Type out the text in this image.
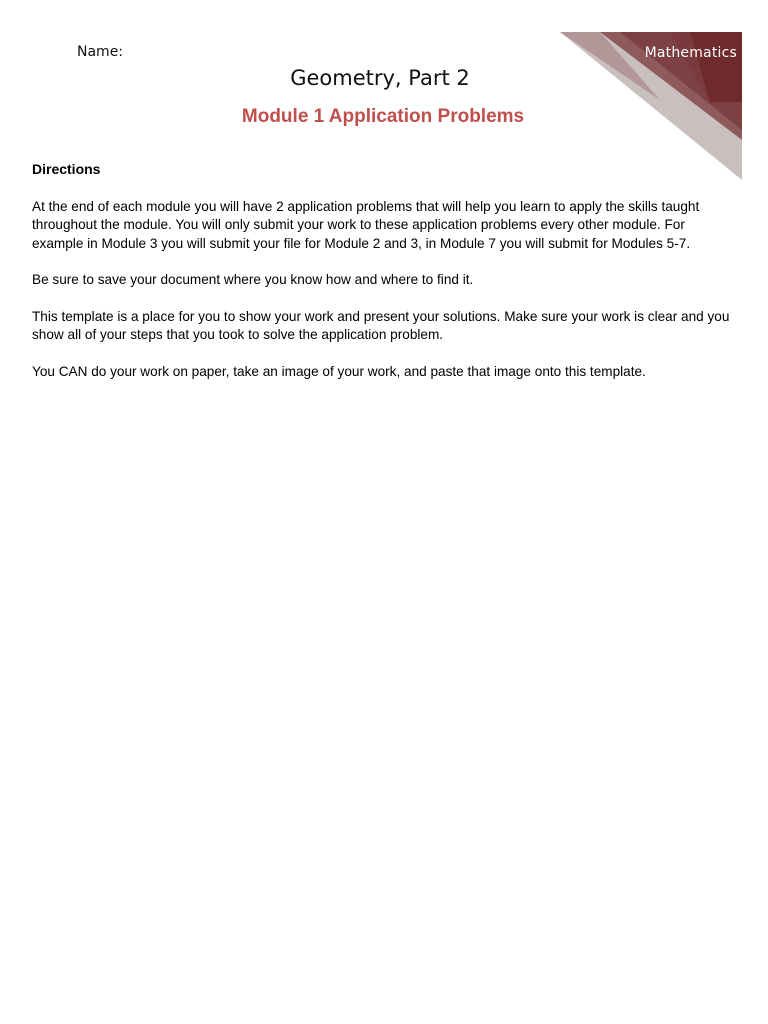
Mathematics
Name:
Geometry, Part 2
Module 1 Application Problems

Directions

At the end of each module you will have 2 application problems that will help you learn to apply the skills taught throughout the module. You will only submit your work to these application problems every other module. For example in Module 3 you will submit your file for Module 2 and 3, in Module 7 you will submit for Modules 5-7.

Be sure to save your document where you know how and where to find it.

This template is a place for you to show your work and present your solutions. Make sure your work is clear and you show all of your steps that you took to solve the application problem.

You CAN do your work on paper, take an image of your work, and paste that image onto this template.
